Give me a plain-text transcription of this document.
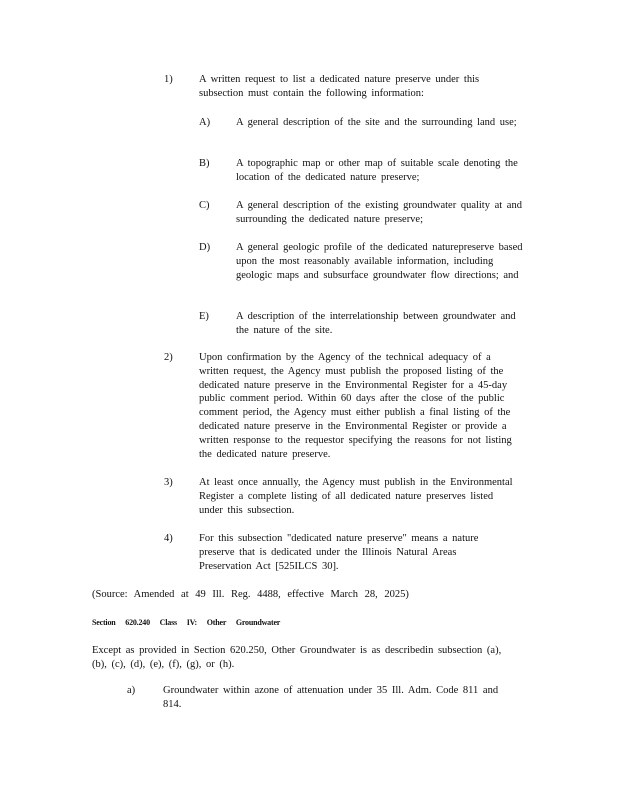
1)	A written request to list a dedicated nature preserve under this subsection must contain the following information:
A) A general description of the site and the surrounding land use;
B)	A topographic map or other map of suitable scale denoting the location of the dedicated nature preserve;
C)	A general description of the existing groundwater quality at and surrounding the dedicated nature preserve;
D) A general geologic profile of the dedicated naturepreserve based upon the most reasonably available information, including geologic maps and subsurface groundwater flow directions; and
E)	A description of the interrelationship between groundwater and the nature of the site.
2)	Upon confirmation by the Agency of the technical adequacy of a written request, the Agency must publish the proposed listing of the dedicated nature preserve in the Environmental Register for a 45-day public comment period. Within 60 days after the close of the public comment period, the Agency must either publish a final listing of the dedicated nature preserve in the Environmental Register or provide a written response to the requestor specifying the reasons for not listing the dedicated nature preserve.
3)	At least once annually, the Agency must publish in the Environmental Register a complete listing of all dedicated nature preserves listed under this subsection.
4)	For this subsection "dedicated nature preserve" means a nature preserve that is dedicated under the Illinois Natural Areas Preservation Act [525ILCS 30].
(Source: Amended at 49 Ill. Reg. 4488, effective March 28, 2025)
Section 620.240 Class IV: Other Groundwater
Except as provided in Section 620.250, Other Groundwater is as describedin subsection (a), (b), (c), (d), (e), (f), (g), or (h).
a)	Groundwater within azone of attenuation under 35 Ill. Adm. Code 811 and 814.
